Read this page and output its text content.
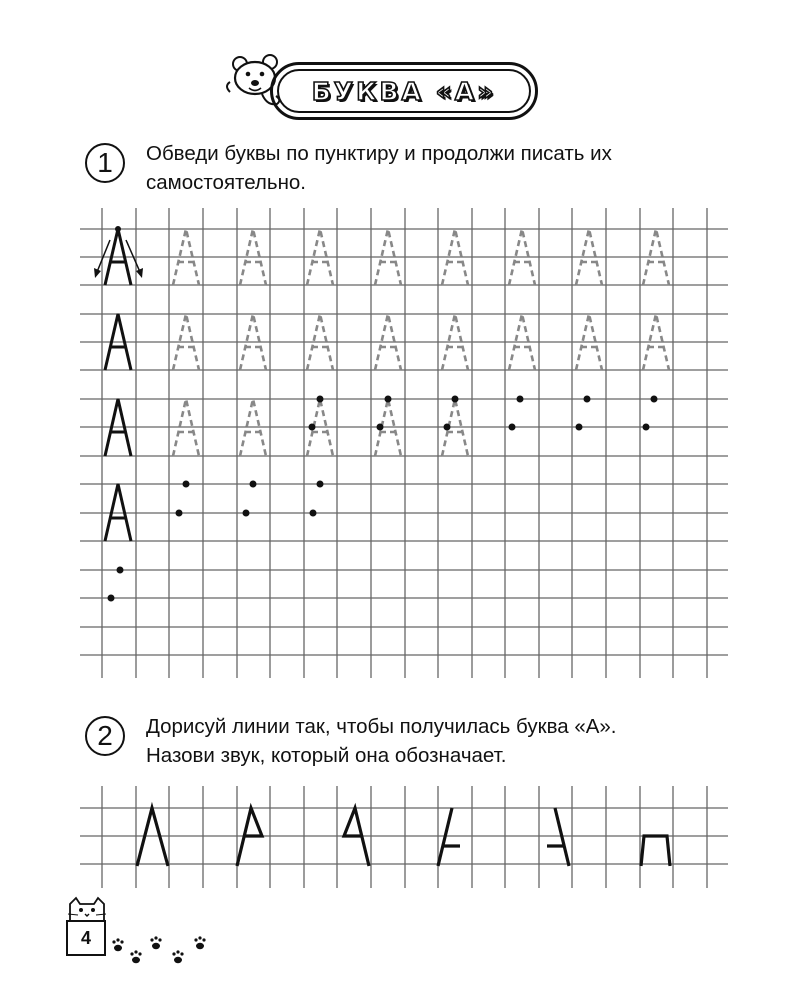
БУКВА «А»
1 Обведи буквы по пунктиру и продолжи писать их
самостоятельно.
2 Дорисуй линии так, чтобы получилась буква «А».
Назови звук, который она обозначает.
4
